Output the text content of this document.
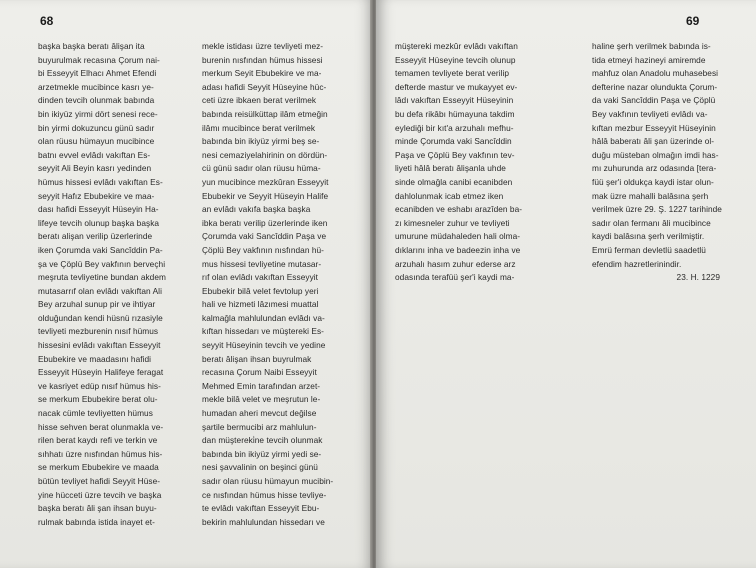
68
başka başka beratı âlişan ita
buyurulmak recasına Çorum nai-
bi Esseyyit Elhacı Ahmet Efendi
arzetmekle mucibince kasrı ye-
dinden tevcih olunmak babında
bin ikiyüz yirmi dört senesi rece-
bin yirmi dokuzuncu günü sadır
olan rüusu hümayun mucibince
batnı evvel evlâdı vakıftan Es-
seyyit Ali Beyin kasrı yedinden
hümus hissesi evlâdı vakıftan Es-
seyyit Hafız Ebubekire ve maa-
dası hafidi Esseyyit Hüseyin Ha-
lifeye tevcih olunup başka başka
beratı alişan verilip üzerlerinde
iken Çorumda vaki Sancîddin Pa-
şa ve Çöplü Bey vakfının berveçhi
meşruta tevliyetine bundan akdem
mutasarrıf olan evlâdı vakıftan Ali
Bey arzuhal sunup pir ve ihtiyar
olduğundan kendi hüsnü rızasiyle
tevliyeti mezburenin nısıf hümus
hissesini evlâdı vakıftan Esseyyit
Ebubekire ve maadasını hafidi
Esseyyit Hüseyin Halifeye feragat
ve kasriyet edüp nısıf hümus his-
se merkum Ebubekire berat olu-
nacak cümle tevliyetten hümus
hisse sehven berat olunmakla ve-
rilen berat kaydı refi ve terkin ve
sıhhatı üzre nısfından hümus his-
se merkum Ebubekire ve maada
bütün tevliyet hafidi Seyyit Hüse-
yine hücceti üzre tevcih ve başka
başka beratı âli şan ihsan buyu-
rulmak babında istida inayet et-
mekle istidası üzre tevliyeti mez-
burenin nısfından hümus hissesi
merkum Seyit Ebubekire ve ma-
adası hafidi Seyyit Hüseyine hüc-
ceti üzre ibkaen berat verilmek
babında reisülküttap ilâm etmeğin
ilâmı mucibince berat verilmek
babında bin ikiyüz yirmi beş se-
nesi cemaziyelahirinin on dördün-
cü günü sadır olan rüusu hüma-
yun mucibince mezkûran Esseyyit
Ebubekir ve Seyyit Hüseyin Halife
an evlâdı vakıfa başka başka
ibka beratı verilip üzerlerinde iken
Çorumda vaki Sancîddin Paşa ve
Çöplü Bey vakfının nısfından hü-
mus hissesi tevliyetine mutasar-
rıf olan evlâdı vakıftan Esseyyit
Ebubekir bilâ velet fevtolup yeri
hali ve hizmeti lâzımesi muattal
kalmağla mahlulundan evlâdı va-
kıftan hissedarı ve müştereki Es-
seyyit Hüseyinin tevcih ve yedine
beratı âlişan ihsan buyrulmak
recasına Çorum Naibi Esseyyit
Mehmed Emin tarafından arzet-
mekle bilâ velet ve meşrutun le-
humadan aheri mevcut değilse
şartile bermucibi arz mahlulun-
dan müştereki̇ne tevcih olunmak
babında bin ikiyüz yirmi yedi se-
nesi şavvalinin on beşinci günü
sadır olan rüusu hümayun mucibin-
ce nısfından hümus hisse tevliye-
te evlâdı vakıftan Esseyyit Ebu-
bekirin mahlulundan hissedarı ve
69
müştereki mezkûr evlâdı vakıftan
Esseyyit Hüseyine tevcih olunup
temamen tevliyete berat verilip
defterde mastur ve mukayyet ev-
lâdı vakıftan Esseyyit Hüseyinin
bu defa rikâbı hümayuna takdim
eylediği bir kıt'a arzuhalı mefhu-
minde Çorumda vaki Sancîddin
Paşa ve Çöplü Bey vakfının tev-
liyeti hâlâ beratı âlişanla uhde
sinde olmağla canibi ecanibden
dahlolunmak icab etmez iken
ecanibden ve eshabı arazîden ba-
zı kimesneler zuhur ve tevliyeti
umurune müdahaleden hali olma-
dıklarını inha ve badeezin inha ve
arzuhalı hasım zuhur ederse arz
odasında terafüü şer'i kaydi ma-
haline şerh verilmek babında is-
tida etmeyi hazineyi amiremde
mahfuz olan Anadolu muhasebesi
defterine nazar olundukta Çorum-
da vaki Sancîddin Paşa ve Çöplü
Bey vakfının tevliyeti evlâdı va-
kıftan mezbur Esseyyit Hüseyinin
hâlâ baberatı âli şan üzerinde ol-
duğu müsteban olmağın imdi has-
mı zuhurunda arz odasında [tera-
füü şer'i oldukça kaydi istar olun-
mak üzre mahalli balâsına şerh
verilmek üzre 29. Ş. 1227 tarihinde
sadır olan fermanı âli mucibince
kaydi balâsına şerh verilmiştir.
Emrü ferman devletlü saadetlü
efendim hazretlerinindir.
23. H. 1229
